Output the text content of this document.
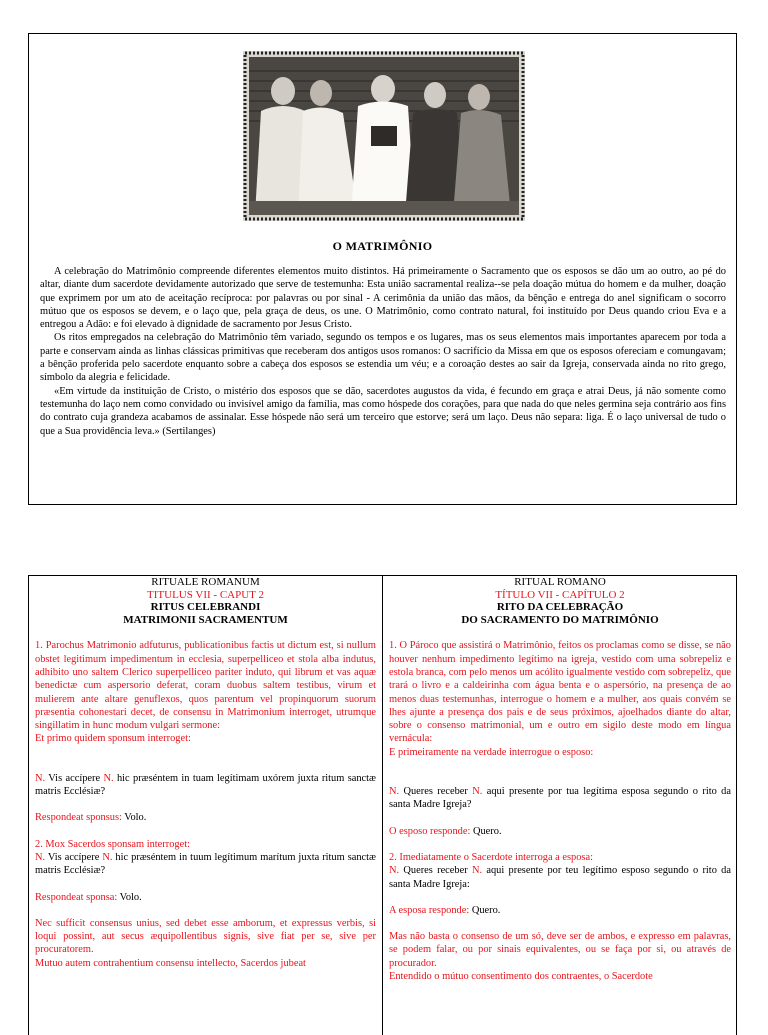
O MATRIMÔNIO

A celebração do Matrimônio compreende diferentes elementos muito distintos. Há primeiramente o Sacramento que os esposos se dão um ao outro, ao pé do altar, diante dum sacerdote devidamente autorizado que serve de testemunha: Esta união sacramental realiza--se pela doação mútua do homem e da mulher, doação que exprimem por um ato de aceitação recíproca: por palavras ou por sinal - A cerimônia da união das mãos, da bênção e entrega do anel significam o socorro mútuo que os esposos se devem, e o laço que, pela graça de deus, os une. O Matrimônio, como contrato natural, foi instituído por Deus quando criou Eva e a entregou a Adão: e foi elevado à dignidade de sacramento por Jesus Cristo.

Os ritos empregados na celebração do Matrimônio têm variado, segundo os tempos e os lugares, mas os seus elementos mais importantes aparecem por toda a parte e conservam ainda as linhas clássicas primitivas que receberam dos antigos usos romanos: O sacrifício da Missa em que os esposos ofereciam e comungavam; a bênção proferida pelo sacerdote enquanto sobre a cabeça dos esposos se estendia um véu; e a coroação destes ao sair da Igreja, conservada ainda no rito grego, símbolo da alegria e felicidade.

«Em virtude da instituição de Cristo, o mistério dos esposos que se dão, sacerdotes augustos da vida, é fecundo em graça e atrai Deus, já não somente como testemunha do laço nem como convidado ou invisível amigo da família, mas como hóspede dos corações, para que nada do que neles germina seja contrário aos fins do contrato cuja grandeza acabamos de assinalar. Esse hóspede não será um terceiro que estorve; será um laço. Deus não separa: liga. É o laço universal de tudo o que a Sua providência leva.» (Sertilanges)

RITUALE ROMANUM
TITULUS VII - CAPUT 2
RITUS CELEBRANDI
MATRIMONII SACRAMENTUM

1. Parochus Matrimonio adfuturus, publicationibus factis ut dictum est, si nullum obstet legitimum impedimentum in ecclesia, superpelliceo et stola alba indutus, adhibito uno saltem Clerico superpelliceo pariter induto, qui librum et vas aquæ benedictæ cum aspersorio deferat, coram duobus saltem testibus, virum et mulierem ante altare genuflexos, quos parentum vel propinquorum suorum præsentia cohonestari decet, de consensu in Matrimonium interroget, utrumque singillatim in hunc modum vulgari sermone:

Et primo quidem sponsum interroget:

N. Vis accípere N. hic præséntem in tuam legítimam uxórem juxta ritum sanctæ matris Ecclésiæ?

Respondeat sponsus: Volo.

2. Mox Sacerdos sponsam interroget:

N. Vis accípere N. hic præséntem in tuum legítimum marítum juxta ritum sanctæ matris Ecclésiæ?

Respondeat sponsa: Volo.

Nec sufficit consensus unius, sed debet esse amborum, et expressus verbis, si loqui possint, aut secus æquipollentibus signis, sive fiat per se, sive per procuratorem.

Mutuo autem contrahentium consensu intellecto, Sacerdos jubeat

RITUAL ROMANO
TÍTULO VII - CAPÍTULO 2
RITO DA CELEBRAÇÃO
DO SACRAMENTO DO MATRIMÔNIO

1. O Pároco que assistirá o Matrimônio, feitos os proclamas como se disse, se não houver nenhum impedimento legítimo na igreja, vestido com uma sobrepeliz e estola branca, com pelo menos um acólito igualmente vestido com sobrepeliz, que trará o livro e a caldeirinha com água benta e o aspersório, na presença de ao menos duas testemunhas, interrogue o homem e a mulher, aos quais convém se lhes ajunte a presença dos pais e de seus próximos, ajoelhados diante do altar, sobre o consenso matrimonial, um e outro em sigilo deste modo em língua vernácula:

E primeiramente na verdade interrogue o esposo:

N. Queres receber N. aqui presente por tua legítima esposa segundo o rito da santa Madre Igreja?

O esposo responde: Quero.

2. Imediatamente o Sacerdote interroga a esposa:

N. Queres receber N. aqui presente por teu legítimo esposo segundo o rito da santa Madre Igreja:

A esposa responde: Quero.

Mas não basta o consenso de um só, deve ser de ambos, e expresso em palavras, se podem falar, ou por sinais equivalentes, ou se faça por si, ou através de procurador.

Entendido o mútuo consentimento dos contraentes, o Sacerdote
